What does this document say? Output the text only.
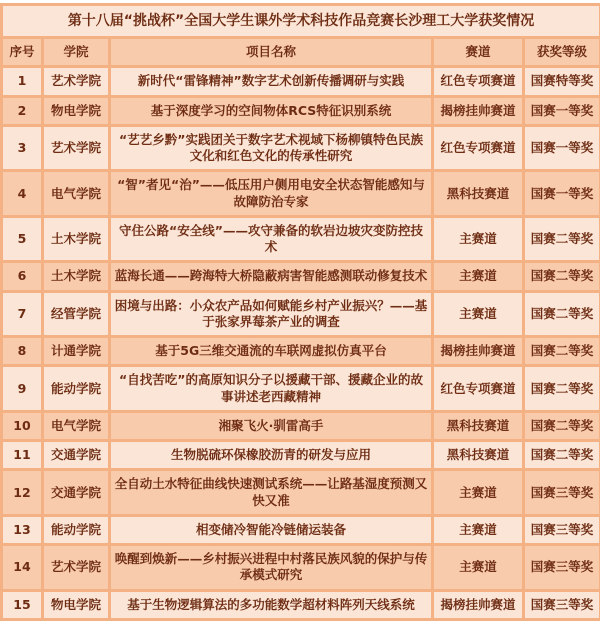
第十八届“挑战杯”全国大学生课外学术科技作品竞赛长沙理工大学获奖情况				
序号	学院	项目名称	赛道	获奖等级
1	艺术学院	新时代“雷锋精神”数字艺术创新传播调研与实践	红色专项赛道	国赛特等奖
2	物电学院	基于深度学习的空间物体RCS特征识别系统	揭榜挂帅赛道	国赛一等奖
3	艺术学院	“艺艺乡黔”实践团关于数字艺术视域下杨柳镇特色民族文化和红色文化的传承性研究	红色专项赛道	国赛一等奖
4	电气学院	“智”者见“治”——低压用户侧用电安全状态智能感知与故障防治专家	黑科技赛道	国赛一等奖
5	土木学院	守住公路“安全线”——攻守兼备的软岩边坡灾变防控技术	主赛道	国赛二等奖
6	土木学院	蓝海长通——跨海特大桥隐蔽病害智能感测联动修复技术	主赛道	国赛二等奖
7	经管学院	困境与出路：小众农产品如何赋能乡村产业振兴？——基于张家界莓茶产业的调查	主赛道	国赛二等奖
8	计通学院	基于5G三维交通流的车联网虚拟仿真平台	揭榜挂帅赛道	国赛二等奖
9	能动学院	“自找苦吃”的高原知识分子以援藏干部、援藏企业的故事讲述老西藏精神	红色专项赛道	国赛二等奖
10	电气学院	湘聚飞火·驯雷高手	黑科技赛道	国赛二等奖
11	交通学院	生物脱硫环保橡胶沥青的研发与应用	黑科技赛道	国赛二等奖
12	交通学院	全自动土水特征曲线快速测试系统——让路基湿度预测又快又准	主赛道	国赛三等奖
13	能动学院	相变储冷智能冷链储运装备	主赛道	国赛三等奖
14	艺术学院	唤醒到焕新——乡村振兴进程中村落民族风貌的保护与传承模式研究	主赛道	国赛三等奖
15	物电学院	基于生物逻辑算法的多功能数学超材料阵列天线系统	揭榜挂帅赛道	国赛三等奖
